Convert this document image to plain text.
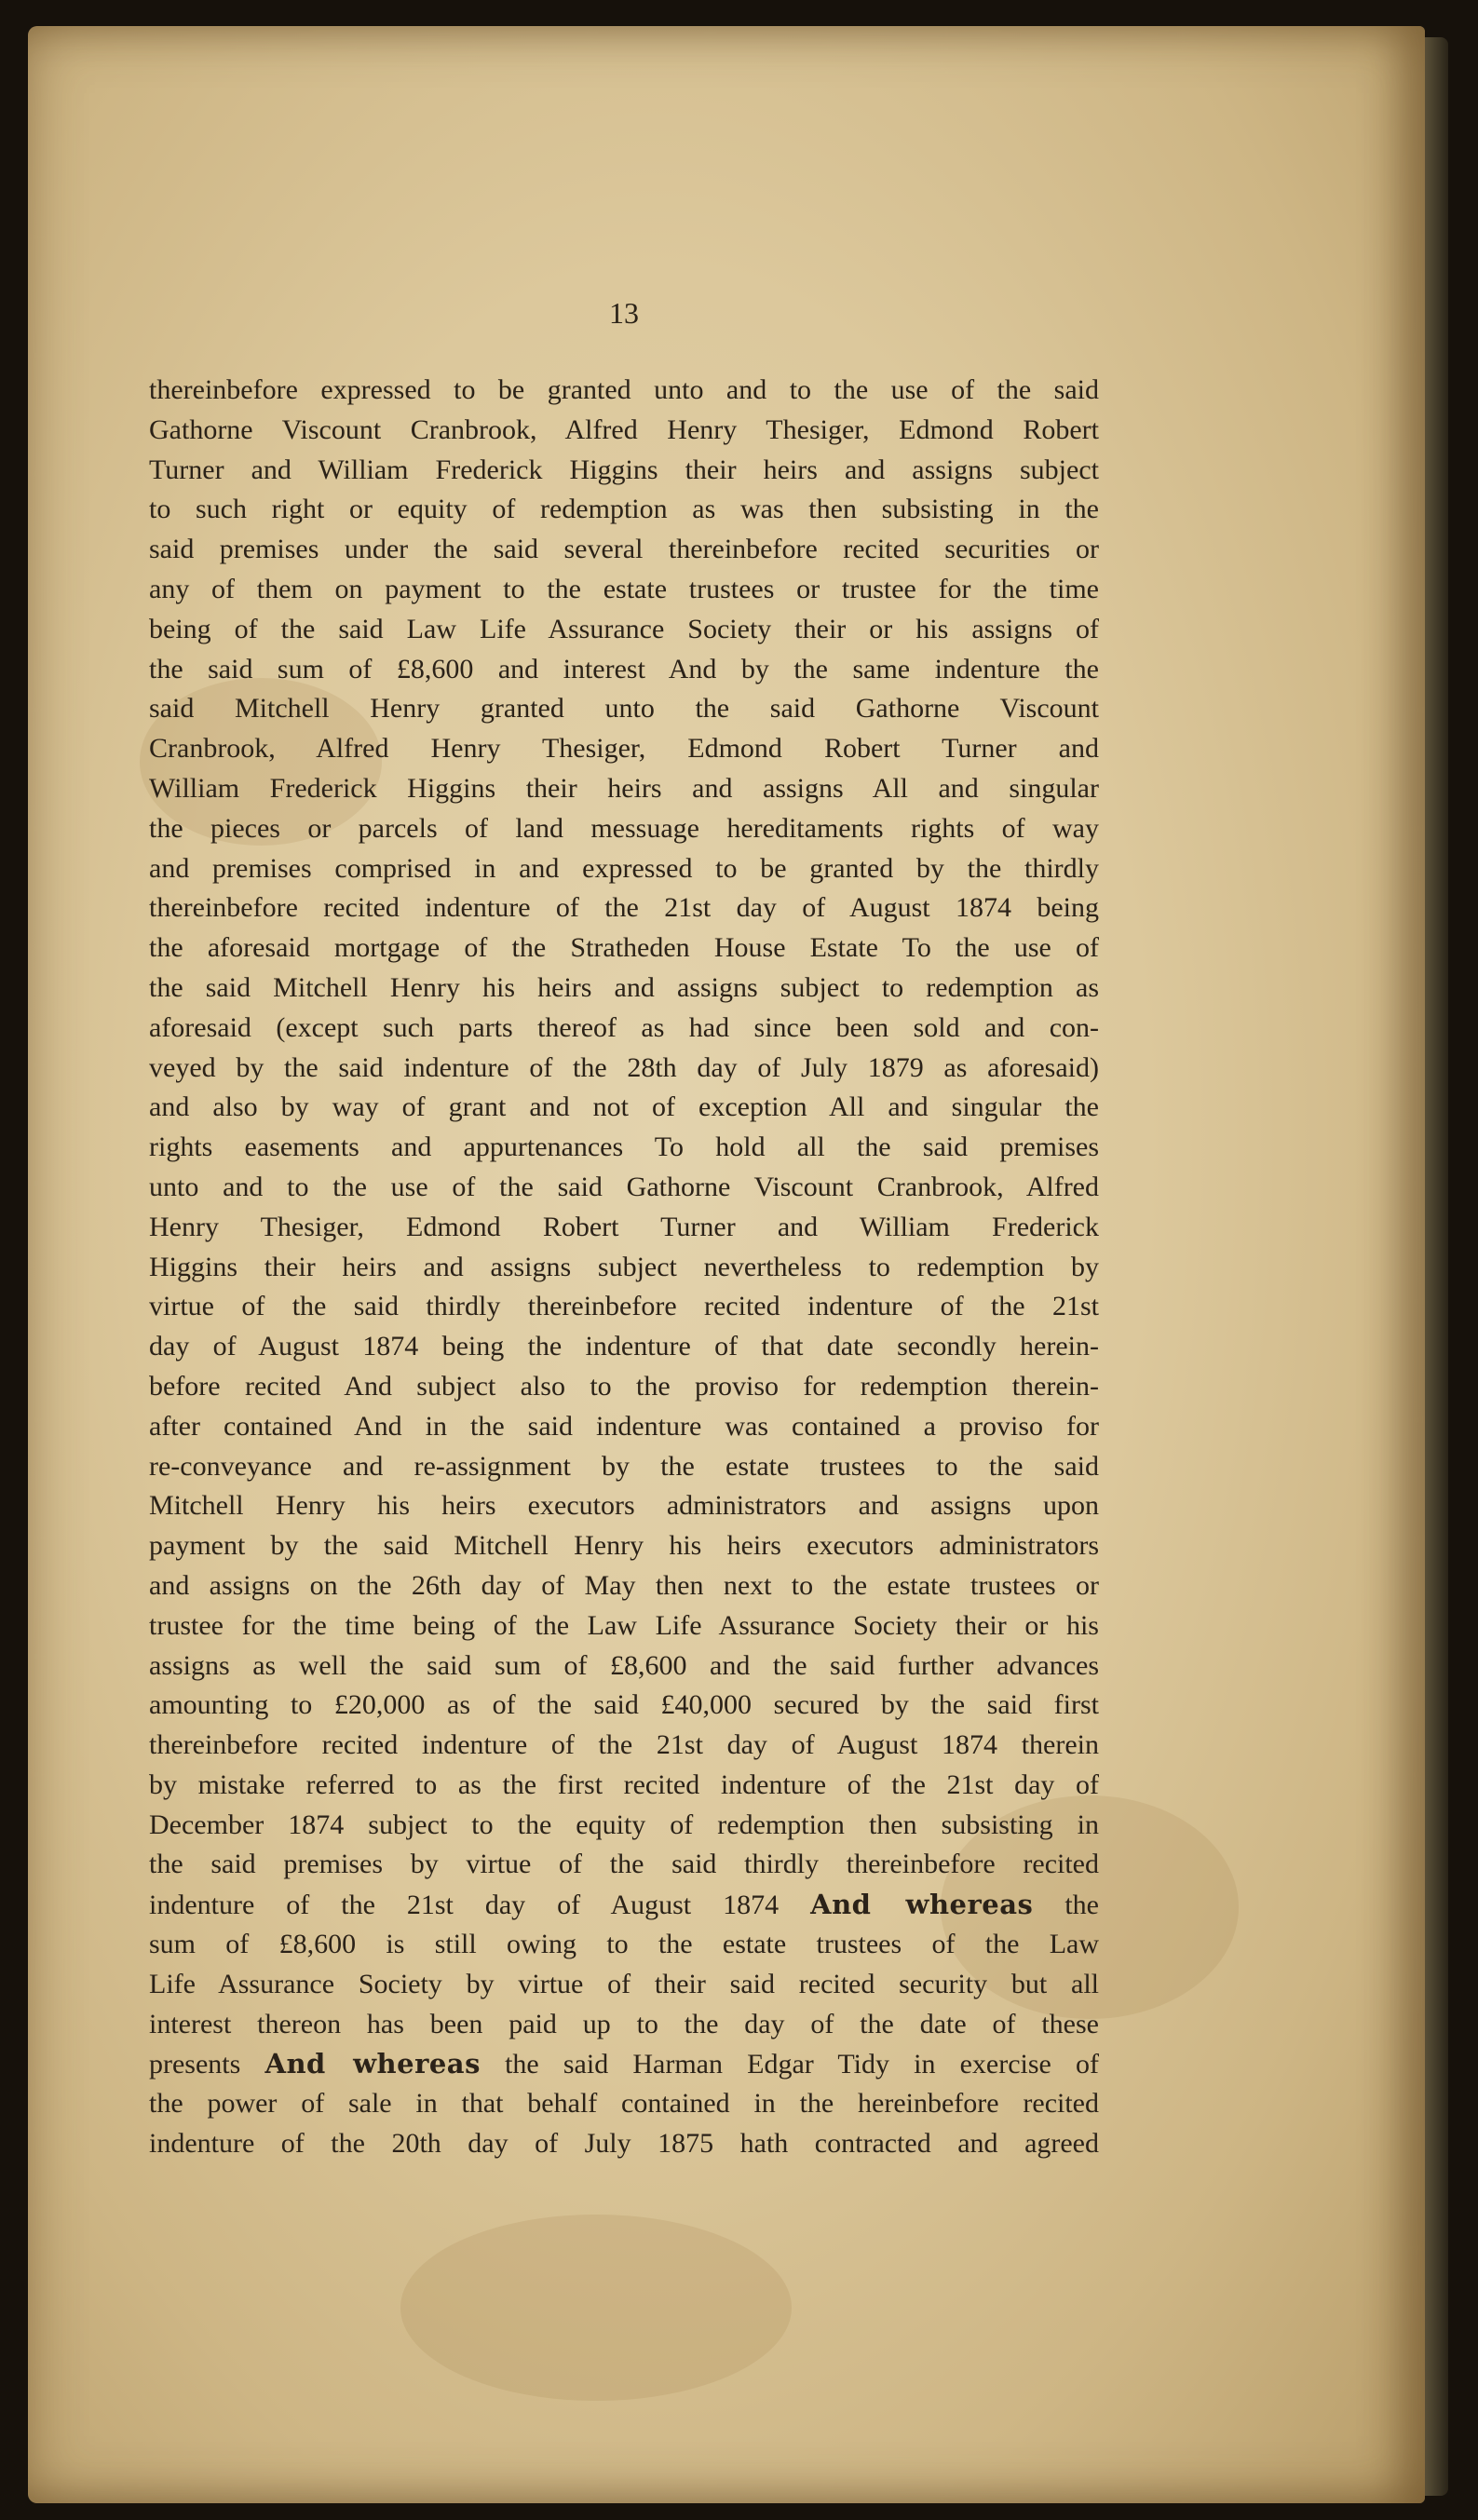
13
thereinbefore expressed to be granted unto and to the use of the said
Gathorne Viscount Cranbrook, Alfred Henry Thesiger, Edmond Robert
Turner and William Frederick Higgins their heirs and assigns subject
to such right or equity of redemption as was then subsisting in the
said premises under the said several thereinbefore recited securities or
any of them on payment to the estate trustees or trustee for the time
being of the said Law Life Assurance Society their or his assigns of
the said sum of £8,600 and interest And by the same indenture the
said Mitchell Henry granted unto the said Gathorne Viscount
Cranbrook, Alfred Henry Thesiger, Edmond Robert Turner and
William Frederick Higgins their heirs and assigns All and singular
the pieces or parcels of land messuage hereditaments rights of way
and premises comprised in and expressed to be granted by the thirdly
thereinbefore recited indenture of the 21st day of August 1874 being
the aforesaid mortgage of the Stratheden House Estate To the use of
the said Mitchell Henry his heirs and assigns subject to redemption as
aforesaid (except such parts thereof as had since been sold and con-
veyed by the said indenture of the 28th day of July 1879 as aforesaid)
and also by way of grant and not of exception All and singular the
rights easements and appurtenances To hold all the said premises
unto and to the use of the said Gathorne Viscount Cranbrook, Alfred
Henry Thesiger, Edmond Robert Turner and William Frederick
Higgins their heirs and assigns subject nevertheless to redemption by
virtue of the said thirdly thereinbefore recited indenture of the 21st
day of August 1874 being the indenture of that date secondly herein-
before recited And subject also to the proviso for redemption therein-
after contained And in the said indenture was contained a proviso for
re-conveyance and re-assignment by the estate trustees to the said
Mitchell Henry his heirs executors administrators and assigns upon
payment by the said Mitchell Henry his heirs executors administrators
and assigns on the 26th day of May then next to the estate trustees or
trustee for the time being of the Law Life Assurance Society their or his
assigns as well the said sum of £8,600 and the said further advances
amounting to £20,000 as of the said £40,000 secured by the said first
thereinbefore recited indenture of the 21st day of August 1874 therein
by mistake referred to as the first recited indenture of the 21st day of
December 1874 subject to the equity of redemption then subsisting in
the said premises by virtue of the said thirdly thereinbefore recited
indenture of the 21st day of August 1874 And whereas the
sum of £8,600 is still owing to the estate trustees of the Law
Life Assurance Society by virtue of their said recited security but all
interest thereon has been paid up to the day of the date of these
presents And whereas the said Harman Edgar Tidy in exercise of
the power of sale in that behalf contained in the hereinbefore recited
indenture of the 20th day of July 1875 hath contracted and agreed
